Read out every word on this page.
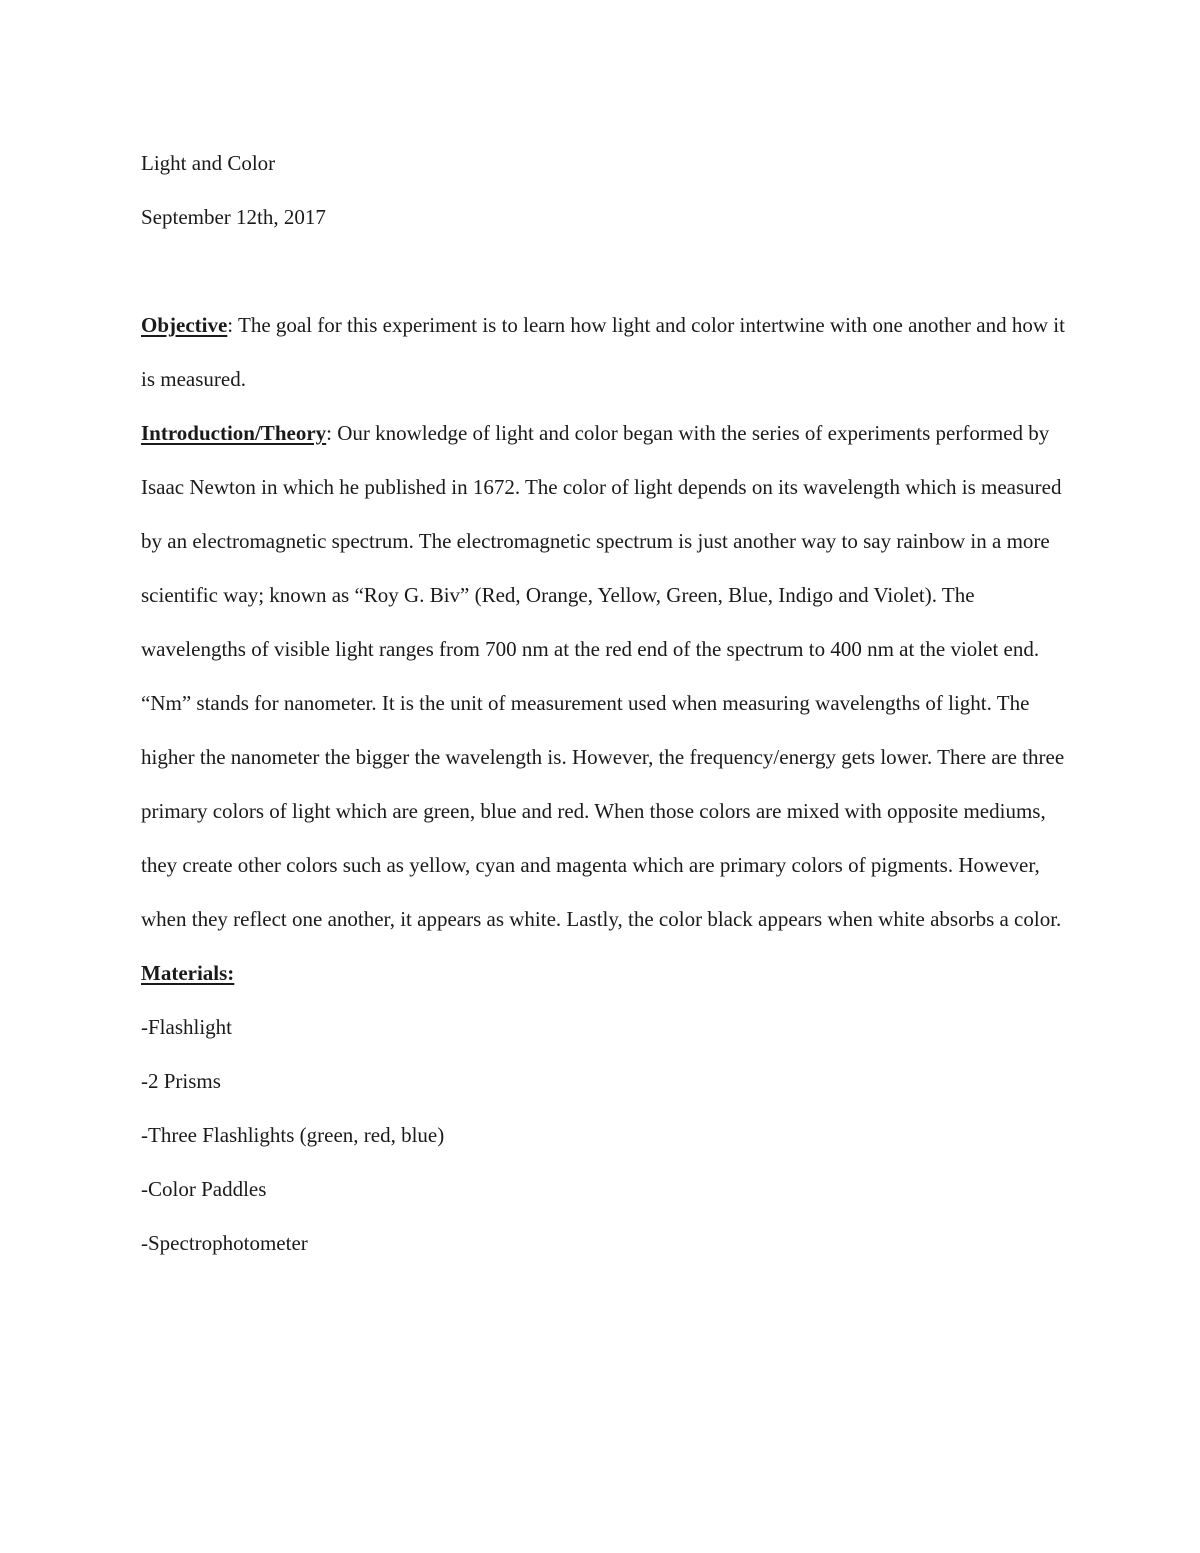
Light and Color
September 12th, 2017

Objective: The goal for this experiment is to learn how light and color intertwine with one another and how it is measured.

Introduction/Theory: Our knowledge of light and color began with the series of experiments performed by Isaac Newton in which he published in 1672. The color of light depends on its wavelength which is measured by an electromagnetic spectrum. The electromagnetic spectrum is just another way to say rainbow in a more scientific way; known as “Roy G. Biv” (Red, Orange, Yellow, Green, Blue, Indigo and Violet). The wavelengths of visible light ranges from 700 nm at the red end of the spectrum to 400 nm at the violet end. “Nm” stands for nanometer. It is the unit of measurement used when measuring wavelengths of light. The higher the nanometer the bigger the wavelength is. However, the frequency/energy gets lower. There are three primary colors of light which are green, blue and red. When those colors are mixed with opposite mediums, they create other colors such as yellow, cyan and magenta which are primary colors of pigments. However, when they reflect one another, it appears as white. Lastly, the color black appears when white absorbs a color.

Materials:
-Flashlight
-2 Prisms
-Three Flashlights (green, red, blue)
-Color Paddles
-Spectrophotometer
